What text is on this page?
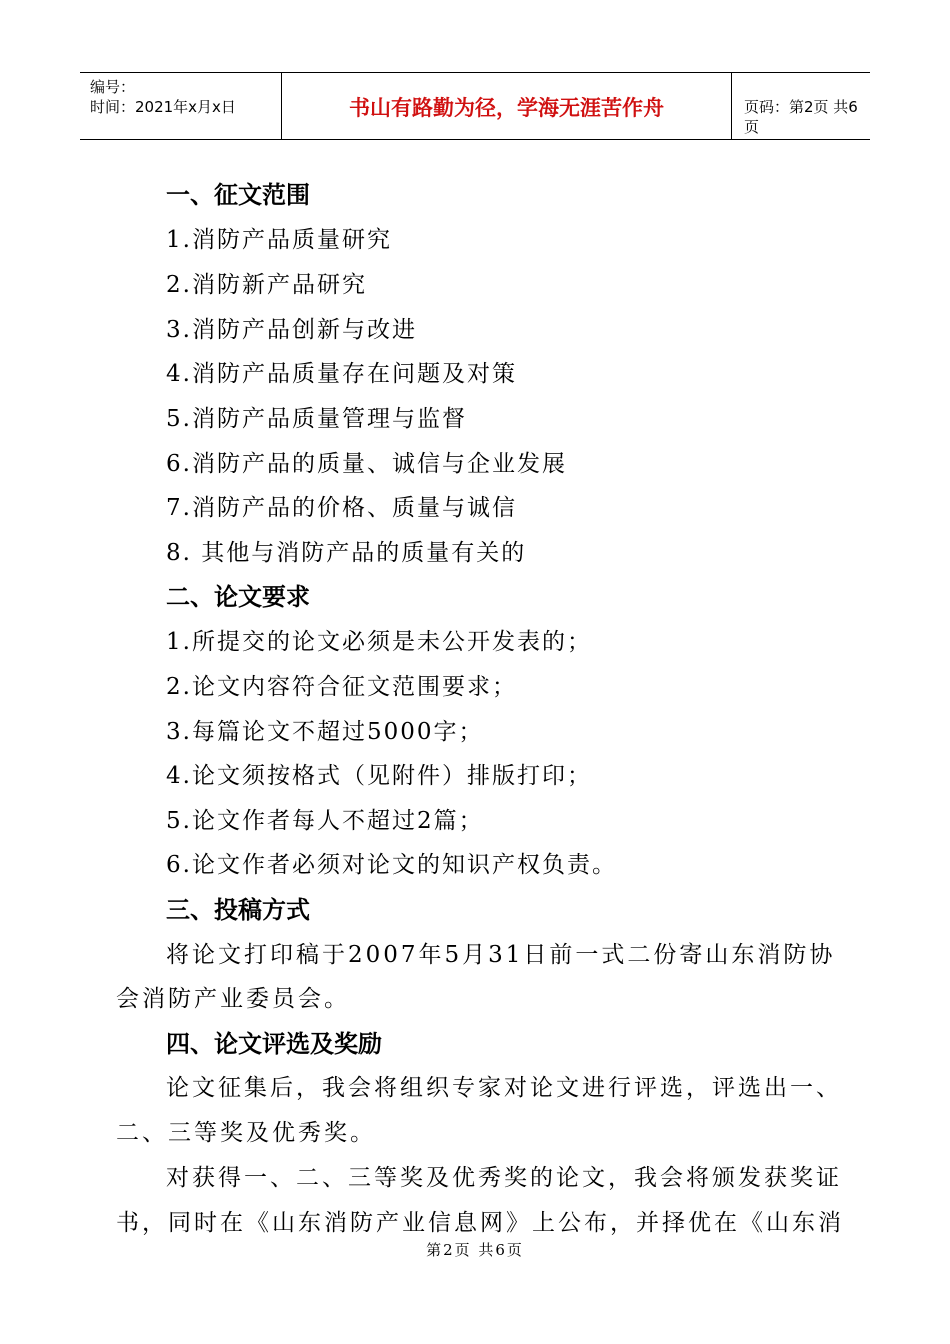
编号：
时间：2021年x月x日	书山有路勤为径，学海无涯苦作舟	页码：第2页 共6页
一、征文范围
1.消防产品质量研究
2.消防新产品研究
3.消防产品创新与改进
4.消防产品质量存在问题及对策
5.消防产品质量管理与监督
6.消防产品的质量、诚信与企业发展
7.消防产品的价格、质量与诚信
8. 其他与消防产品的质量有关的
二、论文要求
1.所提交的论文必须是未公开发表的；
2.论文内容符合征文范围要求；
3.每篇论文不超过5000字；
4.论文须按格式（见附件）排版打印；
5.论文作者每人不超过2篇；
6.论文作者必须对论文的知识产权负责。
三、投稿方式
将论文打印稿于2007年5月31日前一式二份寄山东消防协
会消防产业委员会。
四、论文评选及奖励
论文征集后，我会将组织专家对论文进行评选，评选出一、
二、三等奖及优秀奖。
对获得一、二、三等奖及优秀奖的论文，我会将颁发获奖证
书，同时在《山东消防产业信息网》上公布，并择优在《山东消
第2页 共6页
